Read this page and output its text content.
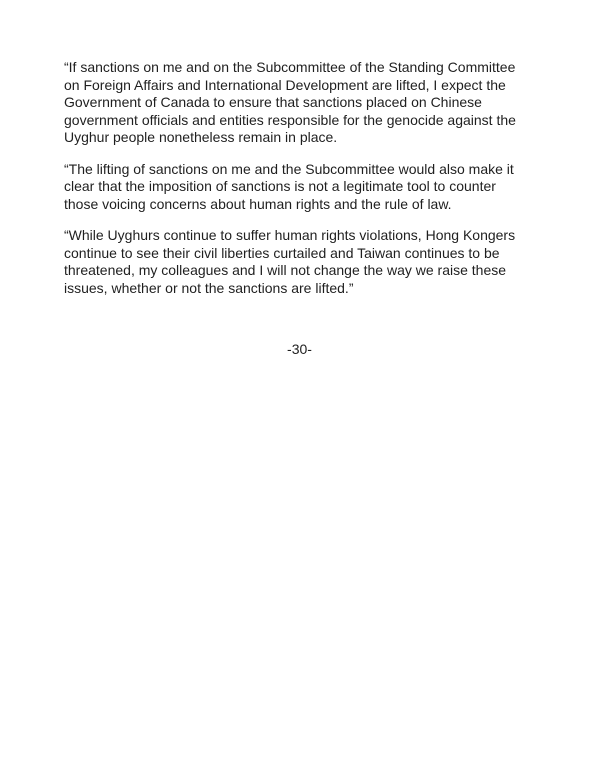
“If sanctions on me and on the Subcommittee of the Standing Committee
on Foreign Affairs and International Development are lifted, I expect the
Government of Canada to ensure that sanctions placed on Chinese
government officials and entities responsible for the genocide against the
Uyghur people nonetheless remain in place.

“The lifting of sanctions on me and the Subcommittee would also make it
clear that the imposition of sanctions is not a legitimate tool to counter
those voicing concerns about human rights and the rule of law.

“While Uyghurs continue to suffer human rights violations, Hong Kongers
continue to see their civil liberties curtailed and Taiwan continues to be
threatened, my colleagues and I will not change the way we raise these
issues, whether or not the sanctions are lifted.”

-30-
